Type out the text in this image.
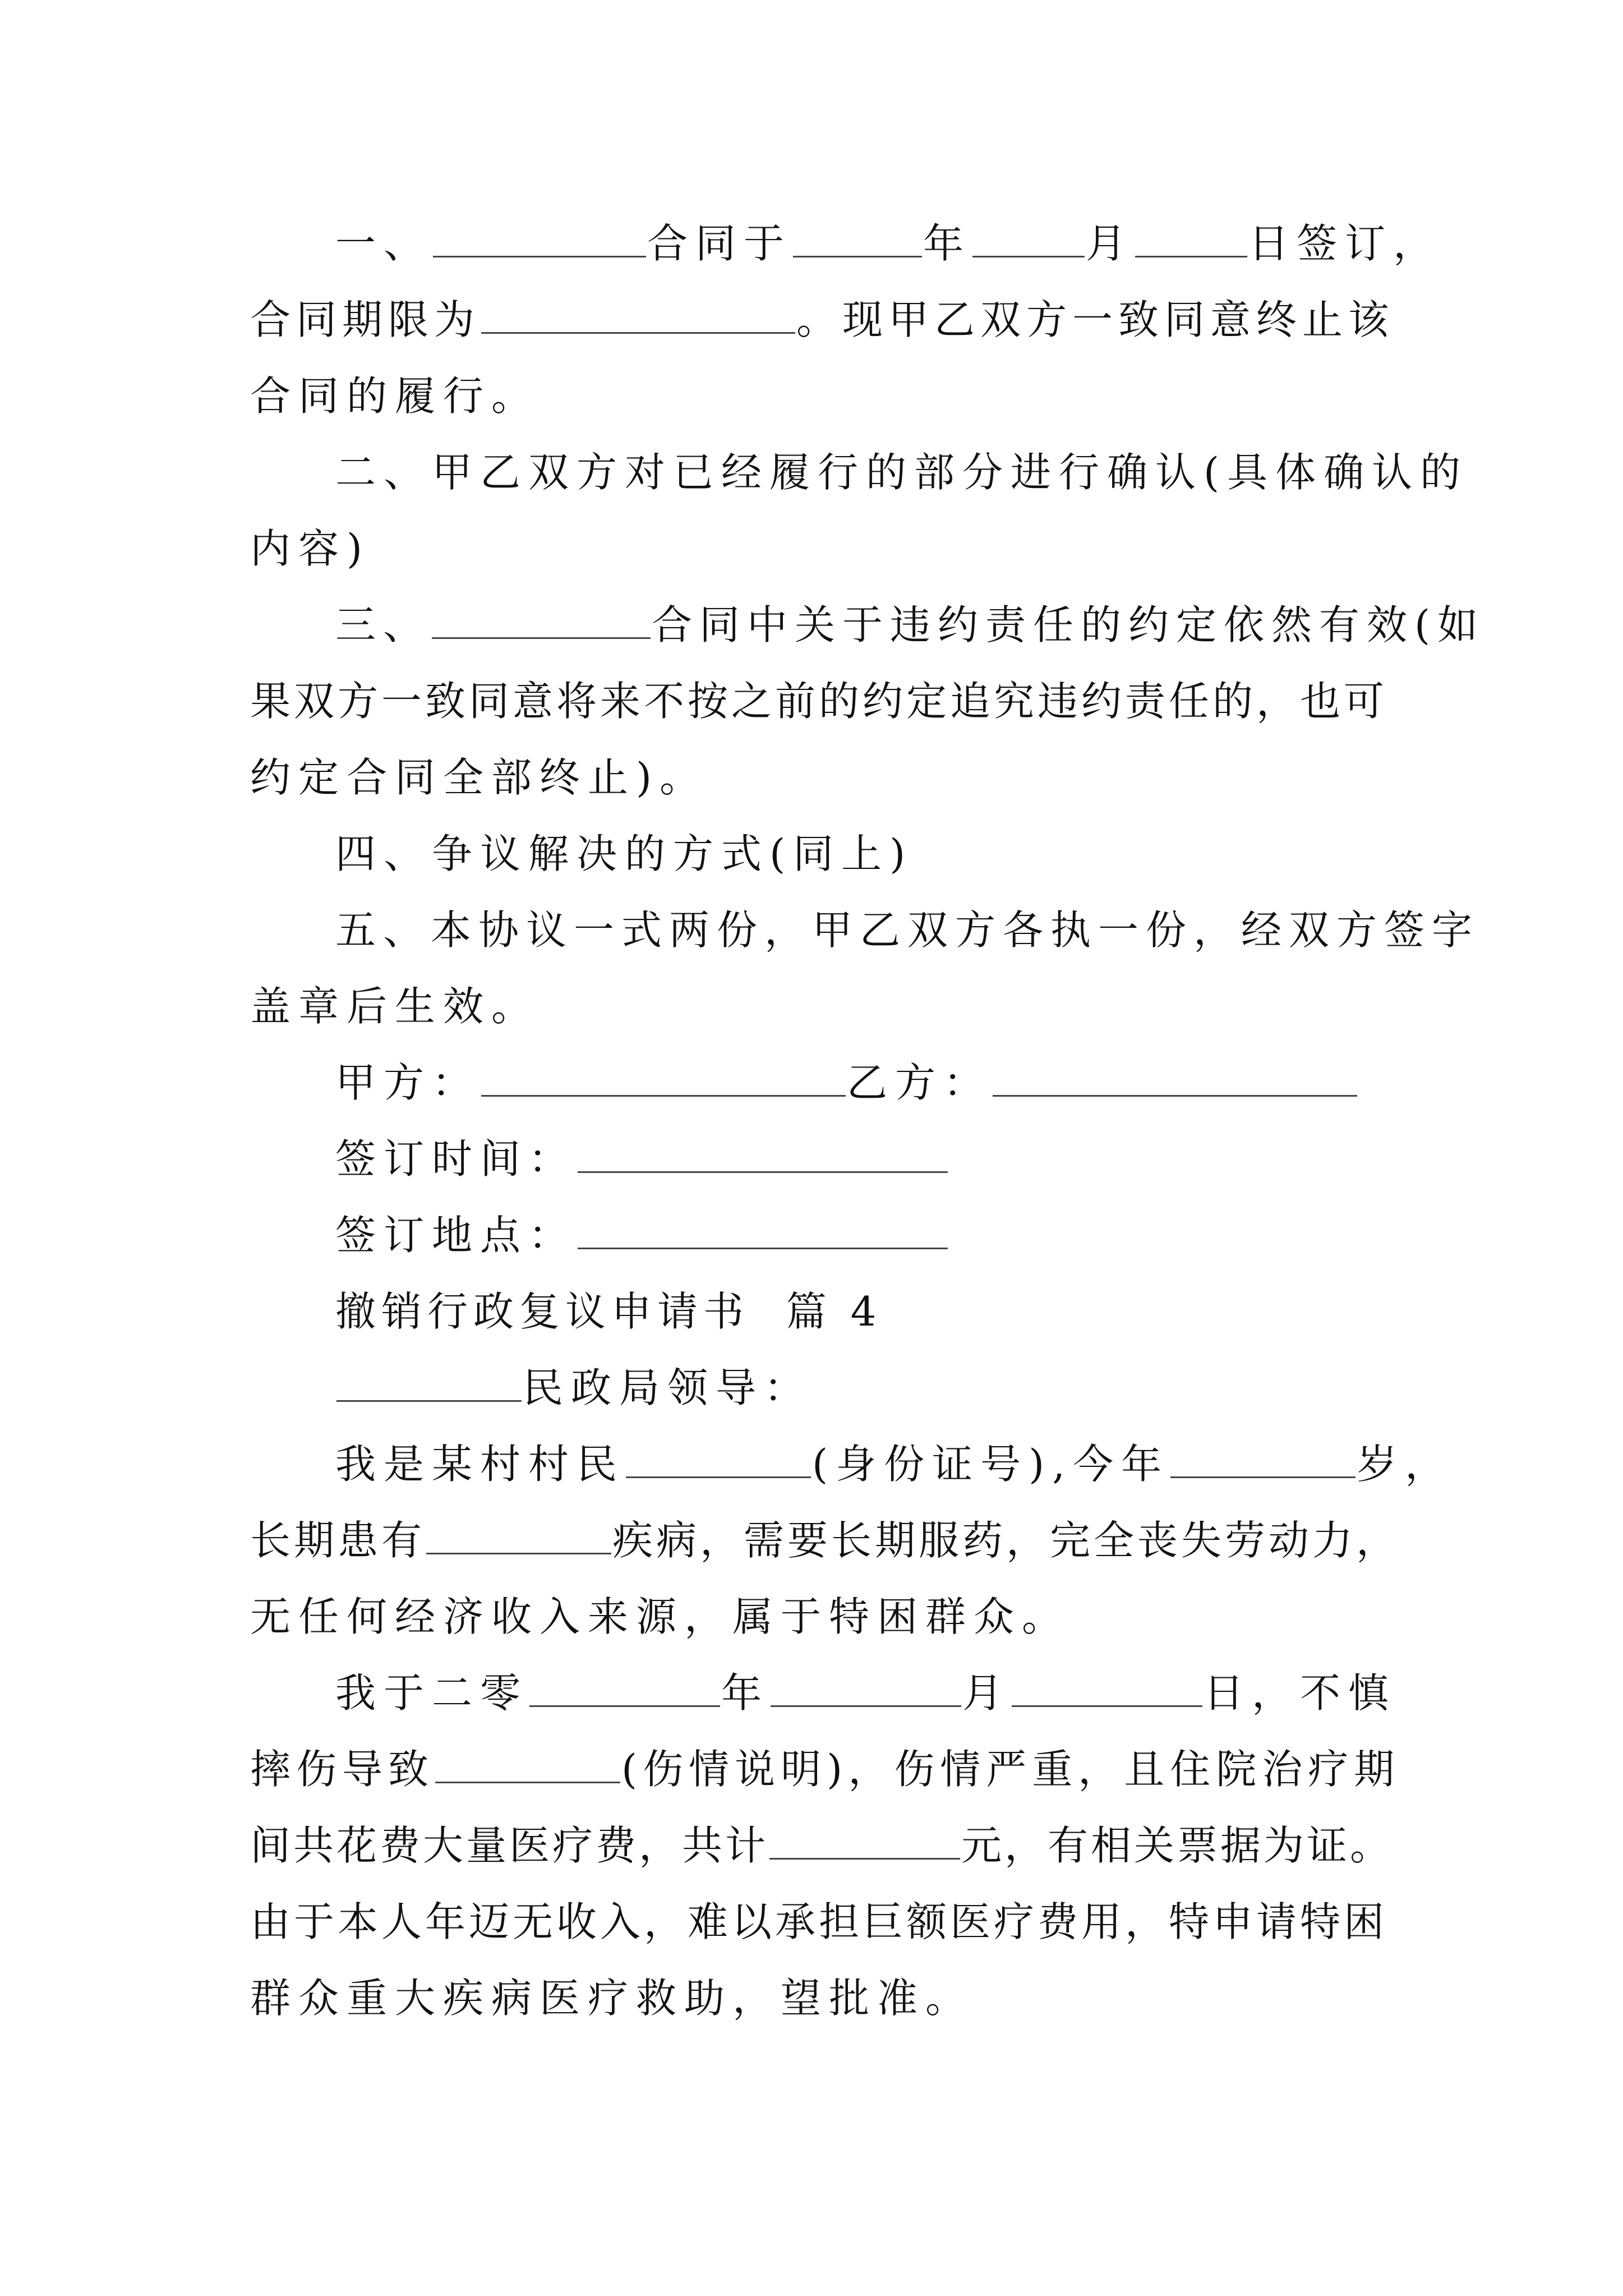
一、	合同于	年	月	日签订，
合同期限为	。现甲乙双方一致同意终止该
合同的履行。
二、甲乙双方对已经履行的部分进行确认(具体确认的
内容)
三、	合同中关于违约责任的约定依然有效(如
果双方一致同意将来不按之前的约定追究违约责任的，也可
约定合同全部终止)。
四、争议解决的方式(同上)
五、本协议一式两份，甲乙双方各执一份，经双方签字
盖章后生效。
甲方：	乙方：
签订时间：
签订地点：
撤销行政复议申请书  篇 4
民政局领导：
我是某村村民	(身份证号),今年	岁，
长期患有	疾病，需要长期服药，完全丧失劳动力，
无任何经济收入来源，属于特困群众。
我于二零	年	月	日，不慎
摔伤导致	(伤情说明)，伤情严重，且住院治疗期
间共花费大量医疗费，共计	元，有相关票据为证。
由于本人年迈无收入，难以承担巨额医疗费用，特申请特困
群众重大疾病医疗救助，望批准。
